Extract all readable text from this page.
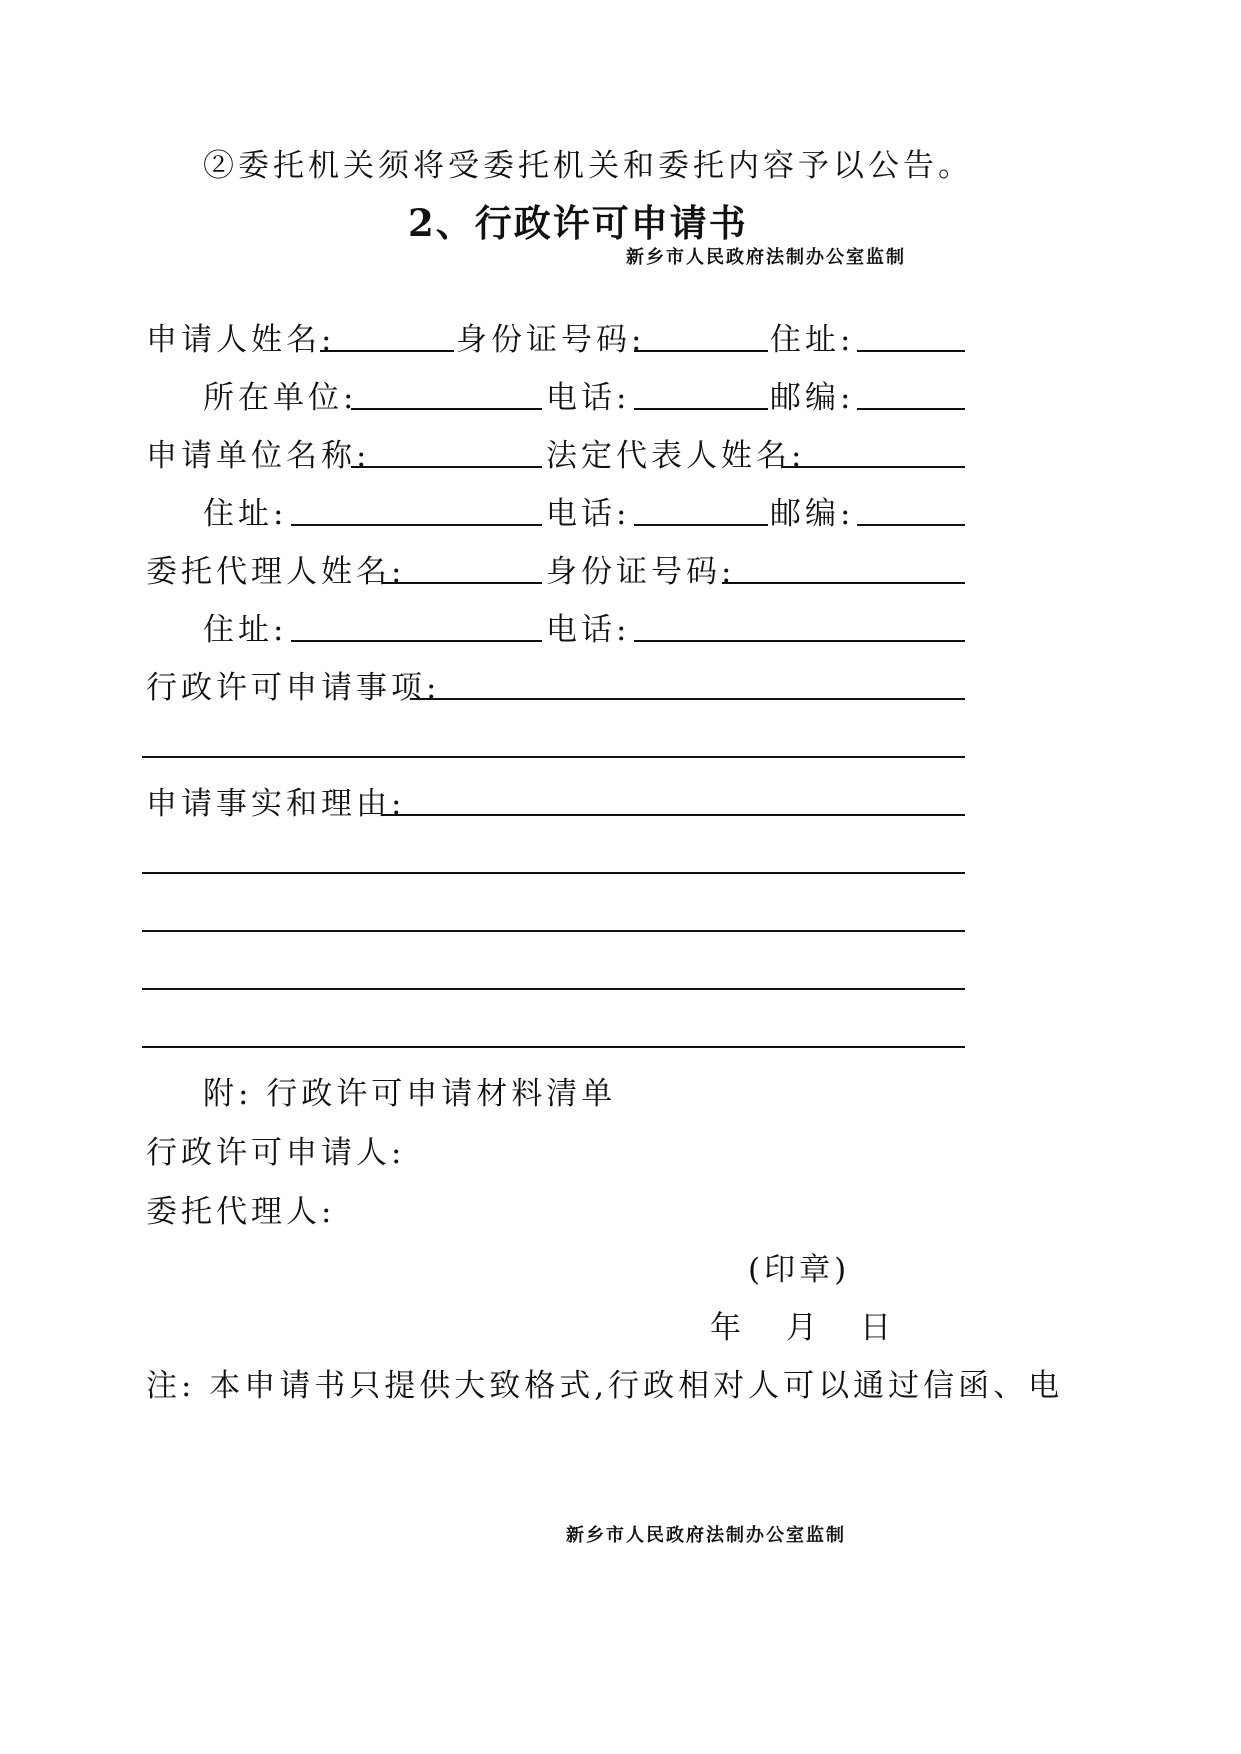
②委托机关须将受委托机关和委托内容予以公告。
2、行政许可申请书
新乡市人民政府法制办公室监制
申请人姓名:	身份证号码:	住址:
所在单位:	电话:	邮编:
申请单位名称:	法定代表人姓名:
住址:	电话:	邮编:
委托代理人姓名:	身份证号码:
住址:	电话:
行政许可申请事项:
申请事实和理由:
附: 行政许可申请材料清单
行政许可申请人:
委托代理人:
(印章)
年 月 日
注: 本申请书只提供大致格式,行政相对人可以通过信函、电
新乡市人民政府法制办公室监制
